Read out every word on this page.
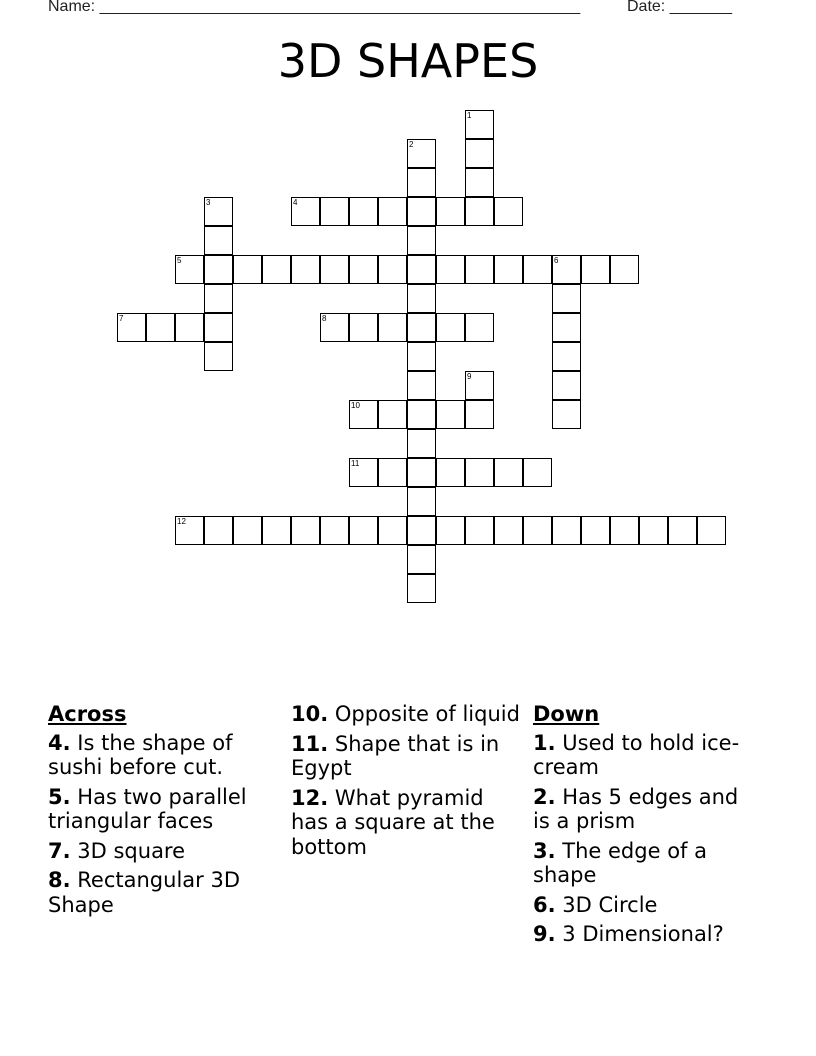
Name: ______________________________________________________	Date: _______
3D SHAPES
1
2
3	4
5	6
7	8
9
10
11
12
Across
4. Is the shape of sushi before cut.
5. Has two parallel triangular faces
7. 3D square
8. Rectangular 3D Shape
10. Opposite of liquid
11. Shape that is in Egypt
12. What pyramid has a square at the bottom
Down
1. Used to hold ice-cream
2. Has 5 edges and is a prism
3. The edge of a shape
6. 3D Circle
9. 3 Dimensional?
